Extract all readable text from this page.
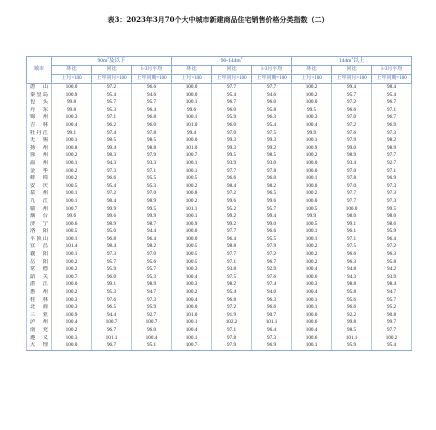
表3：2023年3月70个大中城市新建商品住宅销售价格分类指数（二）
城市	$90m^2$及以下			$90-144m^2$			$144m^2$以上		
	环比	同比	1-3月平均	环比	同比	1-3月平均	环比	同比	1-3月平均
	上月=100	上年同月=100	上年同期=100	上月=100	上年同月=100	上年同期=100	上月=100	上年同月=100	上年同期=100
唐山	100.0	97.2	96.6	100.0	97.7	97.7	100.2	99.4	98.4
秦皇岛	100.9	95.4	94.6	100.0	95.4	94.6	100.2	95.7	95.4
包头	99.8	95.7	95.7	100.1	96.7	96.0	100.0	97.2	96.7
丹东	99.8	95.3	96.4	99.6	96.0	95.8	99.5	96.6	97.1
锦州	100.3	97.1	96.8	100.1	95.9	96.3	100.3	97.0	96.7
吉林	100.4	96.2	96.0	101.0	96.0	95.4	100.4	97.2	96.9
牡丹江	99.1	97.4	97.8	99.4	97.0	97.5	99.9	97.6	97.3
无锡	100.1	98.5	98.5	100.0	99.3	99.3	100.1	97.9	98.2
扬州	100.8	99.4	98.8	101.0	99.3	99.2	100.9	99.0	98.9
徐州	100.2	98.3	97.9	100.7	99.5	98.5	100.2	98.9	97.7
温州	100.1	94.3	93.3	100.1	93.9	93.0	100.0	93.4	92.7
金华	100.2	97.3	97.1	100.1	97.7	97.8	100.0	97.0	97.1
蚌埠	100.2	96.6	95.5	100.5	96.6	96.0	100.1	97.8	96.9
安庆	100.5	95.4	95.3	100.2	98.4	98.2	100.0	97.0	97.3
泉州	100.1	97.2	97.0	100.8	97.2	96.5	100.2	97.7	97.3
九江	100.1	98.4	98.9	100.2	99.6	99.6	100.0	97.7	97.3
赣州	100.7	99.9	99.5	101.1	95.2	95.7	100.5	100.0	99.5
烟台	99.6	99.6	99.9	100.1	99.2	99.4	99.9	98.0	98.0
济宁	100.6	98.9	98.7	100.9	99.2	99.0	100.5	99.1	98.6
洛阳	100.5	95.0	94.4	100.0	97.7	96.6	100.1	96.1	95.9
平顶山	100.1	96.8	96.4	100.0	96.4	95.5	100.1	97.1	96.4
宜昌	101.4	98.4	98.2	100.5	98.8	97.9	100.2	97.5	97.2
襄阳	100.1	97.3	97.0	100.5	97.7	97.2	100.2	96.6	96.3
岳阳	100.2	95.7	95.6	100.5	97.1	96.7	100.2	96.3	95.8
常德	100.2	95.9	95.7	100.3	93.8	92.9	100.4	94.8	94.2
韶关	100.7	96.0	95.3	100.4	97.5	97.6	100.6	94.3	93.9
湛江	100.0	99.1	98.9	100.3	98.2	97.4	100.3	98.8	98.4
惠州	100.2	95.3	94.7	100.2	95.4	94.0	100.4	95.8	94.7
桂林	100.3	97.6	97.3	100.4	96.8	96.3	100.1	95.6	95.7
北海	100.3	96.5	95.9	100.0	97.2	96.6	100.1	96.6	95.2
三亚	100.9	94.4	92.7	101.0	91.9	90.7	100.0	92.2	90.8
泸州	100.4	100.7	100.7	100.1	102.2	101.1	100.6	99.8	99.7
南充	100.2	96.7	96.0	100.4	97.1	96.4	100.4	98.5	97.7
遵义	100.3	101.1	100.4	100.1	97.8	97.3	100.6	101.1	100.2
大理	100.0	96.7	95.1	100.7	97.9	96.9	100.1	95.9	95.4
